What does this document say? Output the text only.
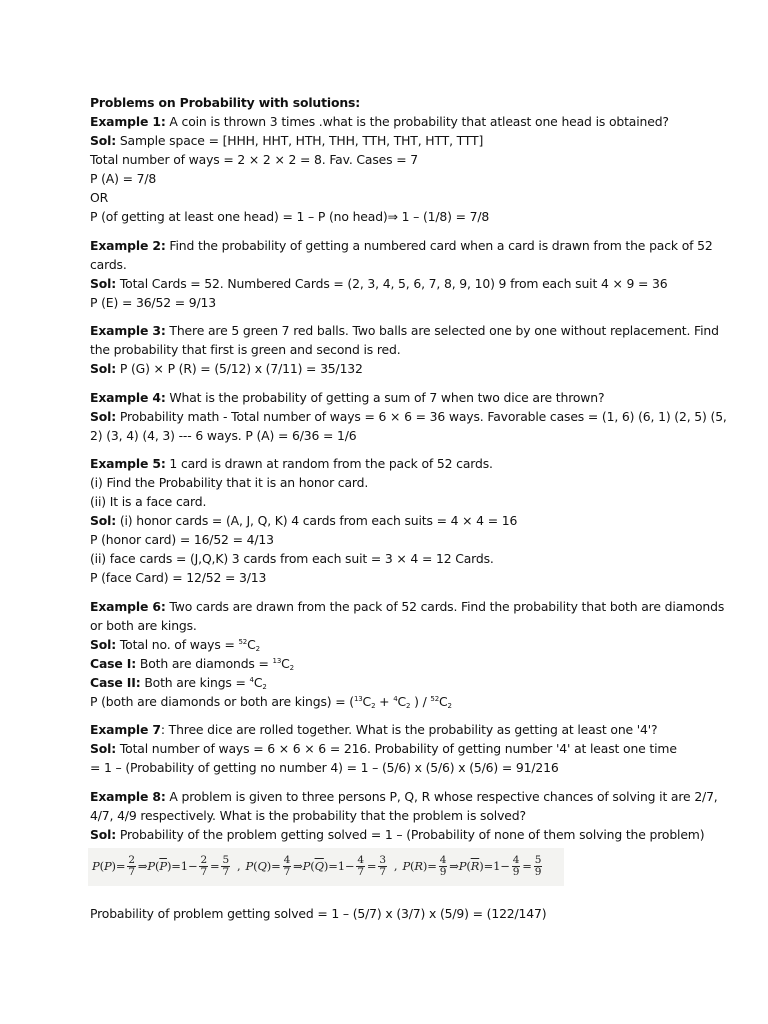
Problems on Probability with solutions:

Example 1: A coin is thrown 3 times .what is the probability that atleast one head is obtained?

Sol: Sample space = [HHH, HHT, HTH, THH, TTH, THT, HTT, TTT]

Total number of ways = 2 × 2 × 2 = 8. Fav. Cases = 7

P (A) = 7/8

OR

P (of getting at least one head) = 1 – P (no head)⇒ 1 – (1/8) = 7/8

Example 2: Find the probability of getting a numbered card when a card is drawn from the pack of 52 cards.

Sol: Total Cards = 52. Numbered Cards = (2, 3, 4, 5, 6, 7, 8, 9, 10) 9 from each suit 4 × 9 = 36

P (E) = 36/52 = 9/13

Example 3: There are 5 green 7 red balls. Two balls are selected one by one without replacement. Find the probability that first is green and second is red.

Sol: P (G) × P (R) = (5/12) x (7/11) = 35/132

Example 4: What is the probability of getting a sum of 7 when two dice are thrown?

Sol: Probability math - Total number of ways = 6 × 6 = 36 ways. Favorable cases = (1, 6) (6, 1) (2, 5) (5, 2) (3, 4) (4, 3) --- 6 ways. P (A) = 6/36 = 1/6

Example 5: 1 card is drawn at random from the pack of 52 cards.

(i) Find the Probability that it is an honor card.

(ii) It is a face card.

Sol: (i) honor cards = (A, J, Q, K) 4 cards from each suits = 4 × 4 = 16

P (honor card) = 16/52 = 4/13

(ii) face cards = (J,Q,K) 3 cards from each suit = 3 × 4 = 12 Cards.

P (face Card) = 12/52 = 3/13

Example 6: Two cards are drawn from the pack of 52 cards. Find the probability that both are diamonds or both are kings.

Sol: Total no. of ways = $^{52}C_2$

Case I: Both are diamonds = $^{13}C_2$

Case II: Both are kings = $^4C_2$

P (both are diamonds or both are kings) = ($^{13}C_2 + ^4C_2$ ) / $^{52}C_2$

Example 7: Three dice are rolled together. What is the probability as getting at least one '4'?

Sol: Total number of ways = 6 × 6 × 6 = 216. Probability of getting number '4' at least one time

= 1 – (Probability of getting no number 4) = 1 – (5/6) x (5/6) x (5/6) = 91/216

Example 8: A problem is given to three persons P, Q, R whose respective chances of solving it are 2/7, 4/7, 4/9 respectively. What is the probability that the problem is solved?

Sol: Probability of the problem getting solved = 1 – (Probability of none of them solving the problem)

P ( P ) = $\frac{2}{7}$ ⇒ P ( $\overline{P}$ ) = $1 - \frac{2}{7} = \frac{5}{7}$ , P ( Q ) = $\frac{4}{7}$ ⇒ P ( $\overline{Q}$ ) = $1 - \frac{4}{7} = \frac{3}{7}$ , P ( R ) = $\frac{4}{9}$ ⇒ P ( $\overline{R}$ ) = $1 - \frac{4}{9} = \frac{5}{9}$

Probability of problem getting solved = 1 – (5/7) x (3/7) x (5/9) = (122/147)
